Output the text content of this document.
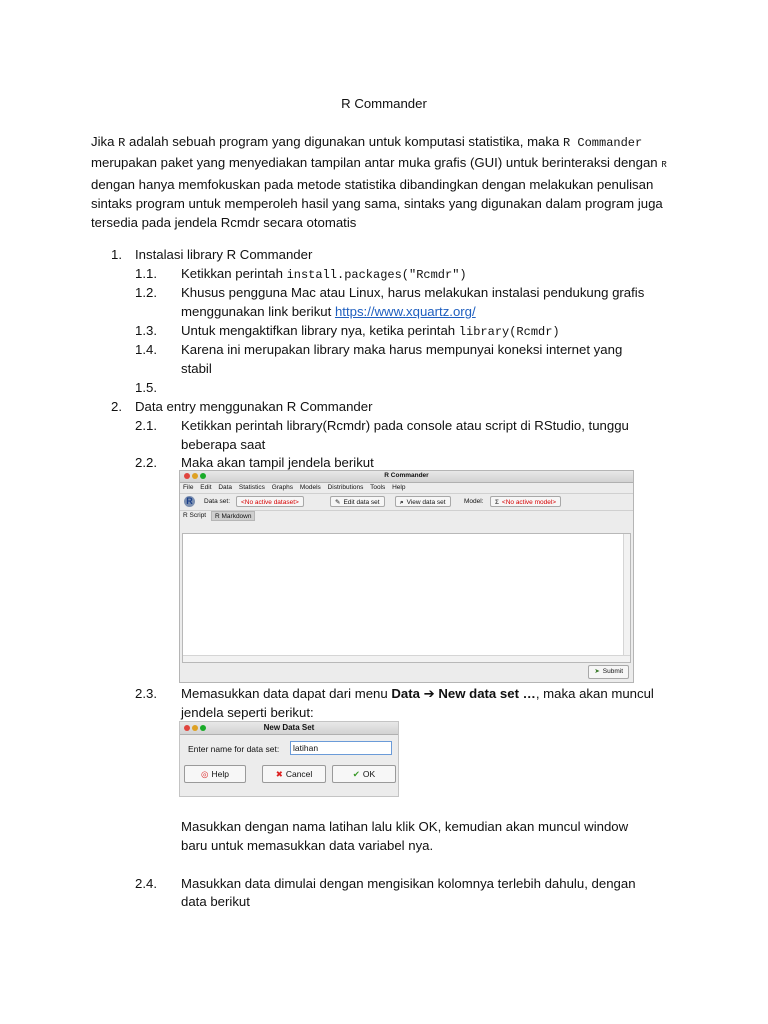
R Commander
Jika R adalah sebuah program yang digunakan untuk komputasi statistika, maka R Commander merupakan paket yang menyediakan tampilan antar muka grafis (GUI) untuk berinteraksi dengan R dengan hanya memfokuskan pada metode statistika dibandingkan dengan melakukan penulisan sintaks program untuk memperoleh hasil yang sama, sintaks yang digunakan dalam program juga tersedia pada jendela Rcmdr secara otomatis
1. Instalasi library R Commander
1.1. Ketikkan perintah install.packages("Rcmdr")
1.2. Khusus pengguna Mac atau Linux, harus melakukan instalasi pendukung grafis
menggunakan link berikut https://www.xquartz.org/
1.3. Untuk mengaktifkan library nya, ketika perintah library(Rcmdr)
1.4. Karena ini merupakan library maka harus mempunyai koneksi internet yang
stabil
1.5.
2. Data entry menggunakan R Commander
2.1. Ketikkan perintah library(Rcmdr) pada console atau script di RStudio, tunggu
beberapa saat
2.2. Maka akan tampil jendela berikut
R Commander
File Edit Data Statistics Graphs Models Distributions Tools Help
R	Data set:	<No active dataset>	✎ Edit data set	⌕ View data set	Model:	Σ <No active model>
R Script	R Markdown
➤ Submit
2.3. Memasukkan data dapat dari menu Data ➔ New data set …, maka akan muncul
jendela seperti berikut:
New Data Set
Enter name for data set:	latihan
◎ Help	✖ Cancel	✔ OK
Masukkan dengan nama latihan lalu klik OK, kemudian akan muncul window
baru untuk memasukkan data variabel nya.
2.4. Masukkan data dimulai dengan mengisikan kolomnya terlebih dahulu, dengan
data berikut
